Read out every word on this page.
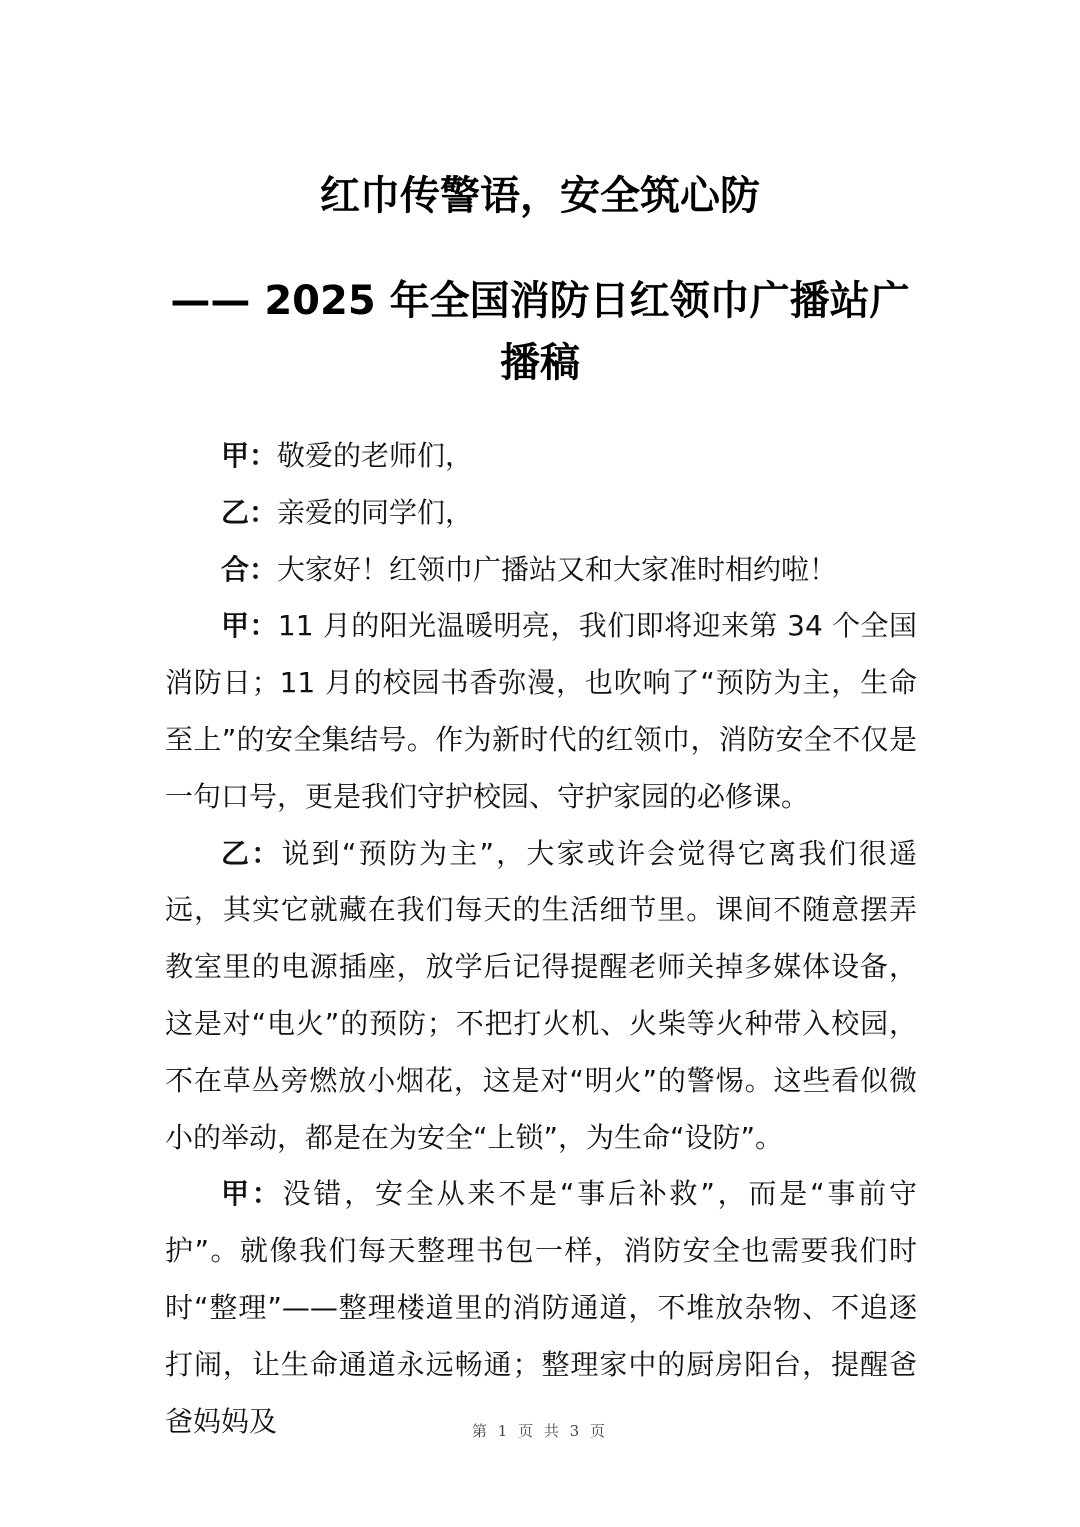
红巾传警语，安全筑心防
—— 2025 年全国消防日红领巾广播站广播稿

甲：敬爱的老师们，

乙：亲爱的同学们，

合：大家好！红领巾广播站又和大家准时相约啦！

甲：11 月的阳光温暖明亮，我们即将迎来第 34 个全国消防日；11 月的校园书香弥漫，也吹响了“预防为主，生命至上”的安全集结号。作为新时代的红领巾，消防安全不仅是一句口号，更是我们守护校园、守护家园的必修课。

乙：说到“预防为主”，大家或许会觉得它离我们很遥远，其实它就藏在我们每天的生活细节里。课间不随意摆弄教室里的电源插座，放学后记得提醒老师关掉多媒体设备，这是对“电火”的预防；不把打火机、火柴等火种带入校园，不在草丛旁燃放小烟花，这是对“明火”的警惕。这些看似微小的举动，都是在为安全“上锁”，为生命“设防”。

甲：没错，安全从来不是“事后补救”，而是“事前守护”。就像我们每天整理书包一样，消防安全也需要我们时时“整理”——整理楼道里的消防通道，不堆放杂物、不追逐打闹，让生命通道永远畅通；整理家中的厨房阳台，提醒爸爸妈妈及	第 1 页 共 3 页
